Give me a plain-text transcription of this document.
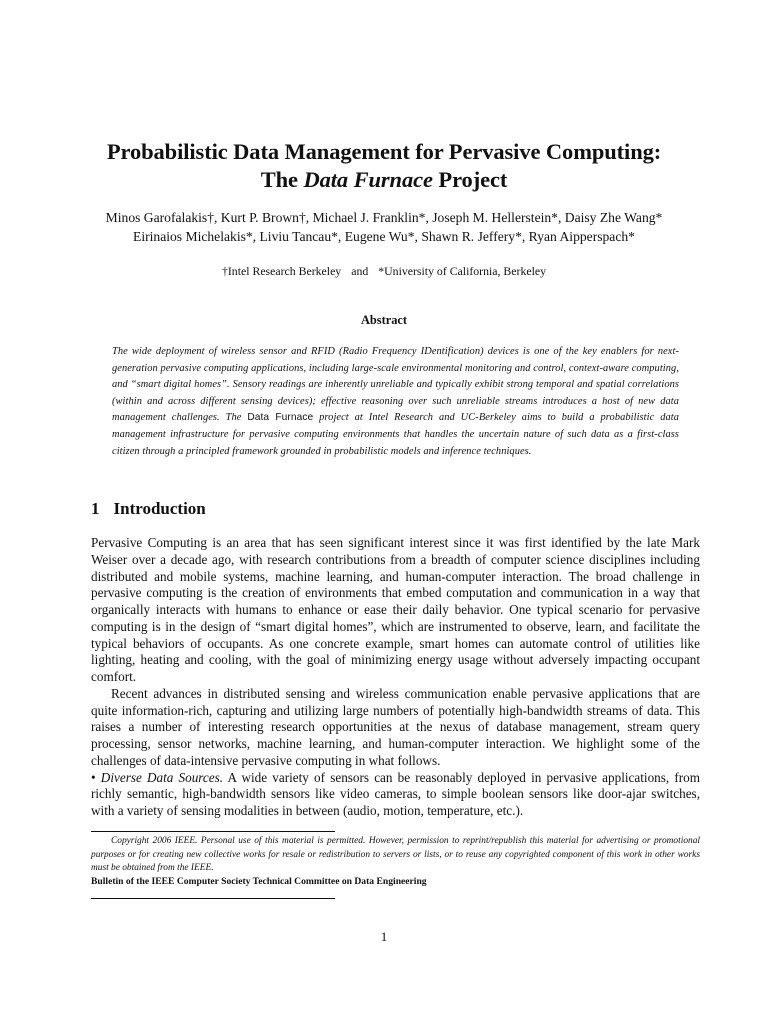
Probabilistic Data Management for Pervasive Computing:
The Data Furnace Project
Minos Garofalakis†, Kurt P. Brown†, Michael J. Franklin*, Joseph M. Hellerstein*, Daisy Zhe Wang*
Eirinaios Michelakis*, Liviu Tancau*, Eugene Wu*, Shawn R. Jeffery*, Ryan Aipperspach*
†Intel Research Berkeley and *University of California, Berkeley
Abstract
The wide deployment of wireless sensor and RFID (Radio Frequency IDentification) devices is one of the key enablers for next-generation pervasive computing applications, including large-scale environmental monitoring and control, context-aware computing, and “smart digital homes”. Sensory readings are inherently unreliable and typically exhibit strong temporal and spatial correlations (within and across different sensing devices); effective reasoning over such unreliable streams introduces a host of new data management challenges. The Data Furnace project at Intel Research and UC-Berkeley aims to build a probabilistic data management infrastructure for pervasive computing environments that handles the uncertain nature of such data as a first-class citizen through a principled framework grounded in probabilistic models and inference techniques.
1 Introduction

Pervasive Computing is an area that has seen significant interest since it was first identified by the late Mark Weiser over a decade ago, with research contributions from a breadth of computer science disciplines including distributed and mobile systems, machine learning, and human-computer interaction. The broad challenge in pervasive computing is the creation of environments that embed computation and communication in a way that organically interacts with humans to enhance or ease their daily behavior. One typical scenario for pervasive computing is in the design of “smart digital homes”, which are instrumented to observe, learn, and facilitate the typical behaviors of occupants. As one concrete example, smart homes can automate control of utilities like lighting, heating and cooling, with the goal of minimizing energy usage without adversely impacting occupant comfort.

Recent advances in distributed sensing and wireless communication enable pervasive applications that are quite information-rich, capturing and utilizing large numbers of potentially high-bandwidth streams of data. This raises a number of interesting research opportunities at the nexus of database management, stream query processing, sensor networks, machine learning, and human-computer interaction. We highlight some of the challenges of data-intensive pervasive computing in what follows.

• Diverse Data Sources. A wide variety of sensors can be reasonably deployed in pervasive applications, from richly semantic, high-bandwidth sensors like video cameras, to simple boolean sensors like door-ajar switches, with a variety of sensing modalities in between (audio, motion, temperature, etc.).

Copyright 2006 IEEE. Personal use of this material is permitted. However, permission to reprint/republish this material for advertising or promotional purposes or for creating new collective works for resale or redistribution to servers or lists, or to reuse any copyrighted component of this work in other works must be obtained from the IEEE.

Bulletin of the IEEE Computer Society Technical Committee on Data Engineering
1
